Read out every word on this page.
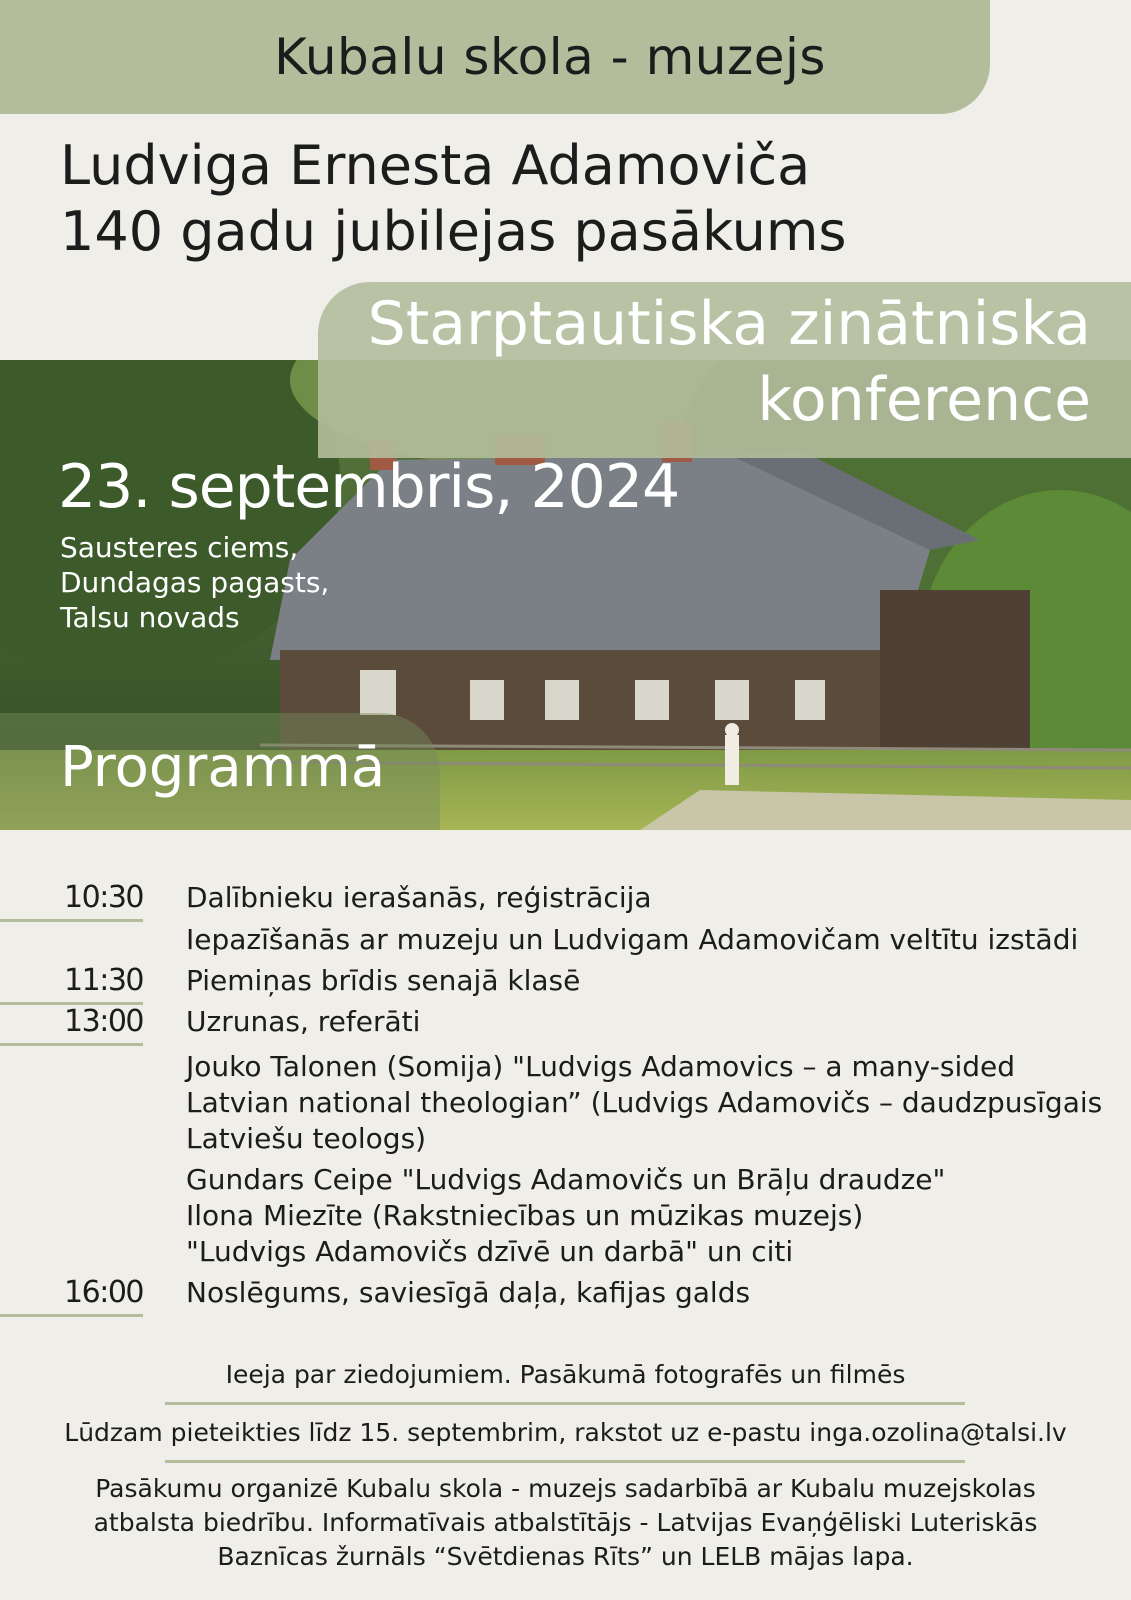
Kubalu skola - muzejs
Ludviga Ernesta Adamoviča
140 gadu jubilejas pasākums
Starptautiska zinātniska
konference
23. septembris, 2024
Sausteres ciems,
Dundagas pagasts,
Talsu novads
Programmā
10:30 Dalībnieku ierašanās, reģistrācija
Iepazīšanās ar muzeju un Ludvigam Adamovičam veltītu izstādi
11:30 Piemiņas brīdis senajā klasē
13:00 Uzrunas, referāti
Jouko Talonen (Somija) "Ludvigs Adamovics – a many-sided
Latvian national theologian” (Ludvigs Adamovičs – daudzpusīgais
Latviešu teologs)
Gundars Ceipe "Ludvigs Adamovičs un Brāļu draudze"
Ilona Miezīte (Rakstniecības un mūzikas muzejs)
"Ludvigs Adamovičs dzīvē un darbā" un citi
16:00 Noslēgums, saviesīgā daļa, kafijas galds
Ieeja par ziedojumiem. Pasākumā fotografēs un filmēs
Lūdzam pieteikties līdz 15. septembrim, rakstot uz e-pastu inga.ozolina@talsi.lv
Pasākumu organizē Kubalu skola - muzejs sadarbībā ar Kubalu muzejskolas
atbalsta biedrību. Informatīvais atbalstītājs - Latvijas Evaņģēliski Luteriskās
Baznīcas žurnāls “Svētdienas Rīts” un LELB mājas lapa.
